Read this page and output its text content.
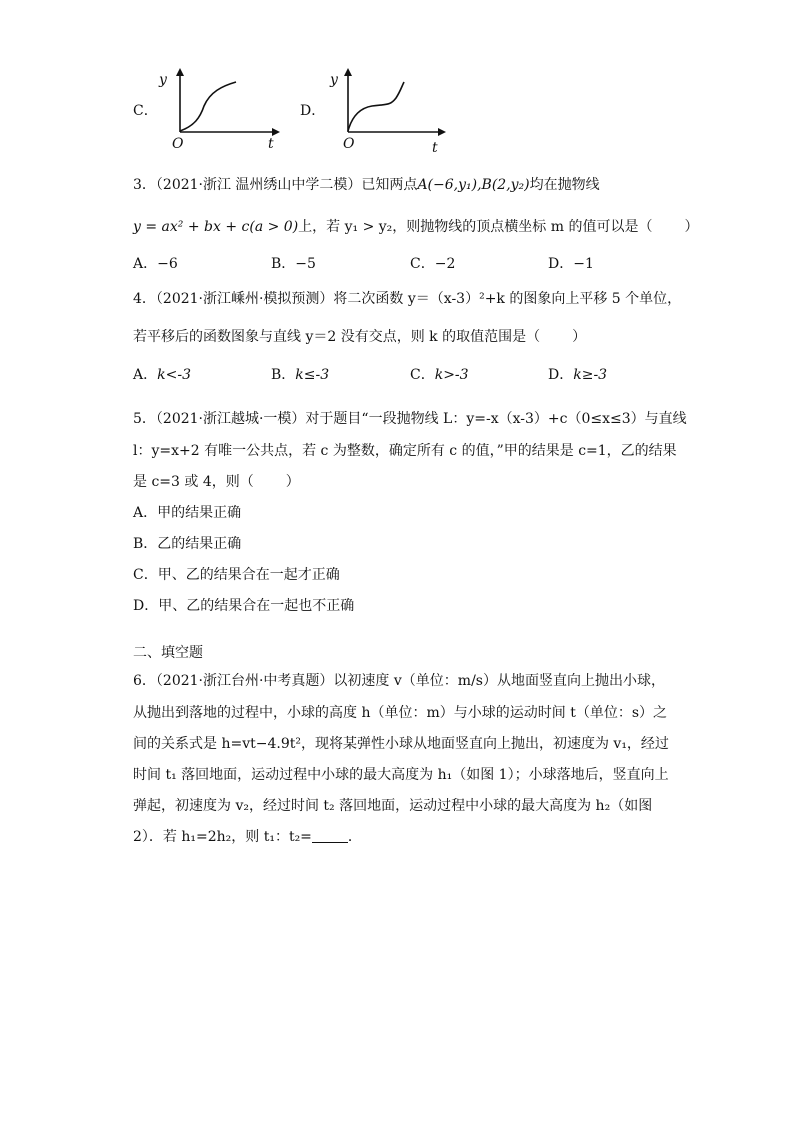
C．
y
O	t
D．
y
O	t
3．（2021·浙江 温州绣山中学二模）已知两点A(−6,y₁),B(2,y₂)均在抛物线
y = ax² + bx + c(a > 0)上，若 y₁ > y₂，则抛物线的顶点横坐标 m 的值可以是（ ）
A．−6	B．−5	C．−2	D．−1
4．（2021·浙江嵊州·模拟预测）将二次函数 y＝（x-3）²+k 的图象向上平移 5 个单位，
若平移后的函数图象与直线 y＝2 没有交点，则 k 的取值范围是（ ）
A．k<-3	B．k≤-3	C．k>-3	D．k≥-3
5．（2021·浙江越城·一模）对于题目“一段抛物线 L：y=-x（x-3）+c（0≤x≤3）与直线
l：y=x+2 有唯一公共点，若 c 为整数，确定所有 c 的值，”甲的结果是 c=1，乙的结果
是 c=3 或 4，则（ ）
A．甲的结果正确
B．乙的结果正确
C．甲、乙的结果合在一起才正确
D．甲、乙的结果合在一起也不正确
二、填空题
6．（2021·浙江台州·中考真题）以初速度 v（单位：m/s）从地面竖直向上抛出小球，
从抛出到落地的过程中，小球的高度 h（单位：m）与小球的运动时间 t（单位：s）之
间的关系式是 h=vt−4.9t²，现将某弹性小球从地面竖直向上抛出，初速度为 v₁，经过
时间 t₁ 落回地面，运动过程中小球的最大高度为 h₁（如图 1）；小球落地后，竖直向上
弹起，初速度为 v₂，经过时间 t₂ 落回地面，运动过程中小球的最大高度为 h₂（如图
2）．若 h₁=2h₂，则 t₁：t₂=	．
